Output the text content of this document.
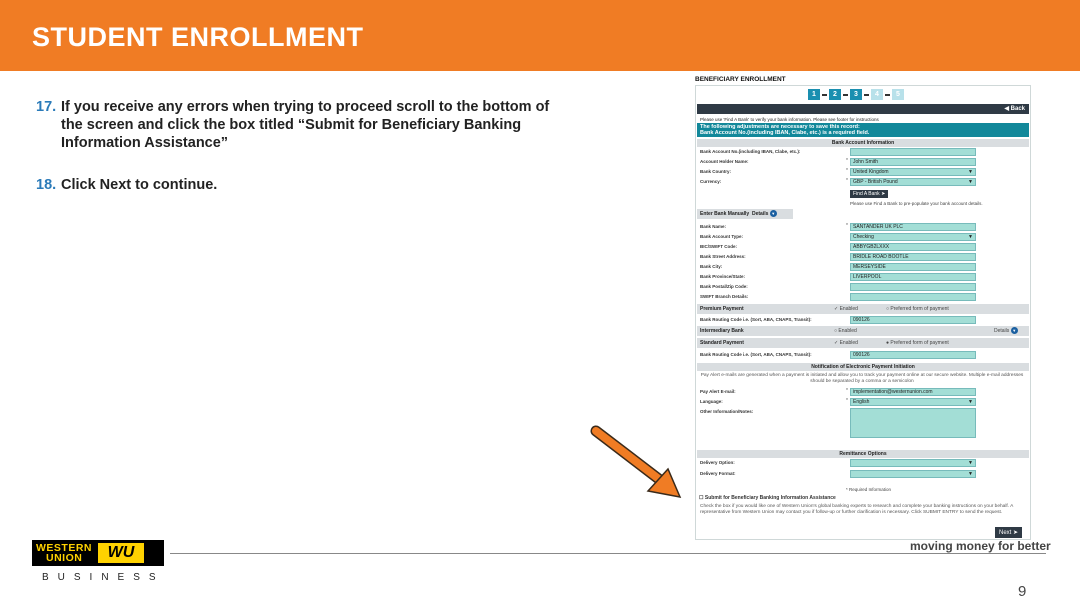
STUDENT ENROLLMENT
17. If you receive any errors when trying to proceed scroll to the bottom of the screen and click the box titled “Submit for Beneficiary Banking Information Assistance”
18. Click Next to continue.
BENEFICIARY ENROLLMENT
1	2	3	4	5
◀ Back
Please use 'Find A Bank' to verify your bank information. Please see footer for instructions
The following adjustments are necessary to save this record:
Bank Account No.(including IBAN, Clabe, etc.) is a required field.
Bank Account Information
Bank Account No.(including IBAN, Clabe, etc.):
Account Holder Name:	*	John Smith
Bank Country:	*	United Kingdom	▼
Currency:	*	GBP - British Pound	▼
Find A Bank ➤
Please use Find a Bank to pre-populate your bank account details.
Enter Bank Manually Details ▼
Bank Name:	*	SANTANDER UK PLC
Bank Account Type:	Checking	▼
BIC/SWIFT Code:	ABBYGB2LXXX
Bank Street Address:	BRIDLE ROAD BOOTLE
Bank City:	MERSEYSIDE
Bank Province/State:	LIVERPOOL
Bank Postal/Zip Code:
SWIFT Branch Details:
Premium Payment	✓ Enabled	○ Preferred form of payment
Bank Routing Code i.e. (Sort, ABA, CNAPS, Transit):	090126
Intermediary Bank	○ Enabled	Details ▼
Standard Payment	✓ Enabled	● Preferred form of payment
Bank Routing Code i.e. (Sort, ABA, CNAPS, Transit):	090126
Notification of Electronic Payment Initiation
Pay Alert e-mails are generated when a payment is initiated and allow you to track your payment online at our secure website. Multiple e-mail addresses should be separated by a comma or a semicolon
Pay Alert E-mail:	*	implementation@westernunion.com
Language:	*	English	▼
Other Information/Notes:
Remittance Options
Delivery Option:	▼
Delivery Format:	▼
* Required Information
☐ Submit for Beneficiary Banking Information Assistance
Check the box if you would like one of Western Union's global banking experts to research and complete your banking instructions on your behalf. A representative from Western Union may contact you if follow-up or further clarification is necessary. Click SUBMIT ENTRY to send the request.
Next ➤
WESTERN
UNION	WU
BUSINESS
moving money for better
9
